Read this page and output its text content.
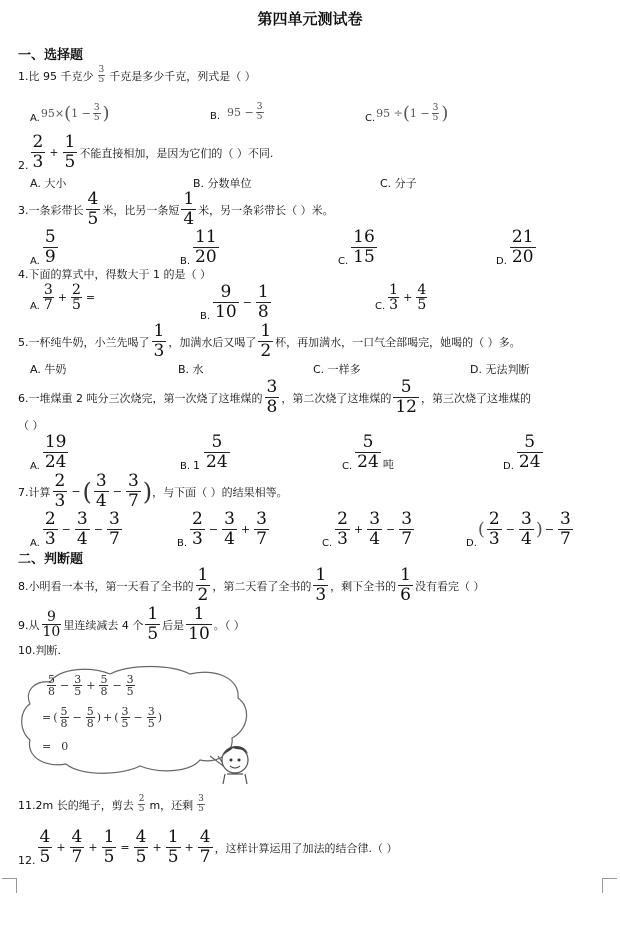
第四单元测试卷
一、选择题
1.比 95 千克少 $\frac{3}{5}$ 千克是多少千克，列式是（ ）
A. 95× ( $1 - \frac{3}{5}$ )	B. $95 - \frac{3}{5}$	C. 95 ÷ ( $1 - \frac{3}{5}$ )
2. $\frac{2}{3} + \frac{1}{5}$ 不能直接相加，是因为它们的（ ）不同.
A. 大小	B. 分数单位	C. 分子
3.一条彩带长 $\frac{4}{5}$ 米，比另一条短 $\frac{1}{4}$ 米，另一条彩带长（ ）米。
A. $\frac{5}{9}$	B. $\frac{11}{20}$	C. $\frac{16}{15}$	D. $\frac{21}{20}$
4.下面的算式中，得数大于 1 的是（ ）
A. $\frac{3}{7} + \frac{2}{5}$ =
B. $\frac{9}{10} - \frac{1}{8}$	C. $\frac{1}{3} + \frac{4}{5}$
5.一杯纯牛奶，小兰先喝了 $\frac{1}{3}$ ，加满水后又喝了 $\frac{1}{2}$ 杯，再加满水，一口气全部喝完，她喝的（ ）多。
A. 牛奶	B. 水	C. 一样多	D. 无法判断
6.一堆煤重 2 吨分三次烧完，第一次烧了这堆煤的 $\frac{3}{8}$ ，第二次烧了这堆煤的 $\frac{5}{12}$ ，第三次烧了这堆煤的
（ ）
A. $\frac{19}{24}$	B. $1 \frac{5}{24}$	C. $\frac{5}{24}$ 吨	D. $\frac{5}{24}$
7.计算 $\frac{2}{3}$ − ( $\frac{3}{4} - \frac{3}{7}$ ) ，与下面（ ）的结果相等。
A. $\frac{2}{3} - \frac{3}{4} - \frac{3}{7}$	B. $\frac{2}{3} - \frac{3}{4} + \frac{3}{7}$	C. $\frac{2}{3} + \frac{3}{4} - \frac{3}{7}$	D.
( $\frac{2}{3} - \frac{3}{4}$ ) − $\frac{3}{7}$
二、判断题
8.小明看一本书，第一天看了全书的 $\frac{1}{2}$ ，第二天看了全书的 $\frac{1}{3}$ ，剩下全书的 $\frac{1}{6}$ 没有看完（ ）
9.从 $\frac{9}{10}$ 里连续减去 4 个 $\frac{1}{5}$ 后是 $\frac{1}{10}$ 。（ ）
10.判断.
$\frac{5}{8} - \frac{3}{5} + \frac{5}{8} - \frac{3}{5}$
= ( $\frac{5}{8} - \frac{5}{8}$ ) + ( $\frac{3}{5} - \frac{3}{5}$ )
= 0
11.2m 长的绳子，剪去 $\frac{2}{5}$ m，还剩 $\frac{3}{5}$
12. $\frac{4}{5} + \frac{4}{7} + \frac{1}{5} = \frac{4}{5} + \frac{1}{5} + \frac{4}{7}$ ，这样计算运用了加法的结合律.（ ）
